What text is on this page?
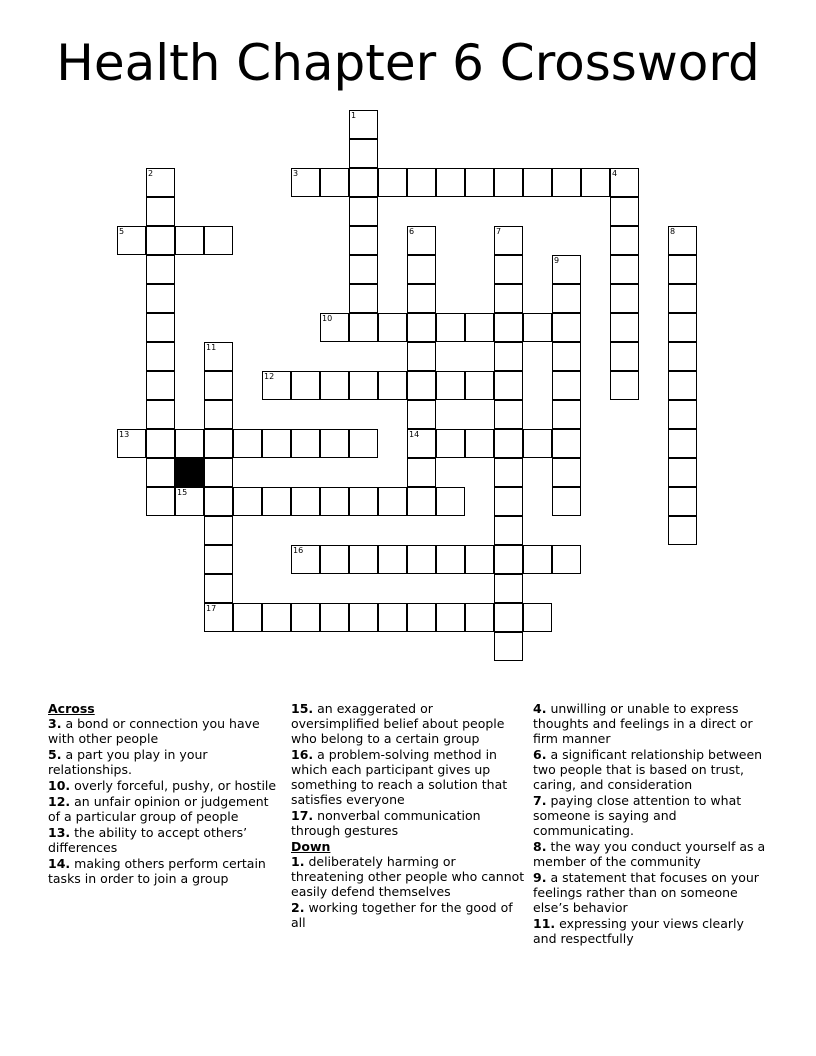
Health Chapter 6 Crossword
1
2	3	4
5	6
14
7	8
9
10
11
12
13
15
16
17
Across
3. a bond or connection you have with other people
5. a part you play in your relationships.
10. overly forceful, pushy, or hostile
12. an unfair opinion or judgement of a particular group of people
13. the ability to accept others’ differences
14. making others perform certain tasks in order to join a group
15. an exaggerated or oversimplified belief about people who belong to a certain group
16. a problem-solving method in which each participant gives up something to reach a solution that satisfies everyone
17. nonverbal communication through gestures
Down
1. deliberately harming or threatening other people who cannot easily defend themselves
2. working together for the good of all
4. unwilling or unable to express thoughts and feelings in a direct or firm manner
6. a significant relationship between two people that is based on trust, caring, and consideration
7. paying close attention to what someone is saying and communicating.
8. the way you conduct yourself as a member of the community
9. a statement that focuses on your feelings rather than on someone else’s behavior
11. expressing your views clearly and respectfully
